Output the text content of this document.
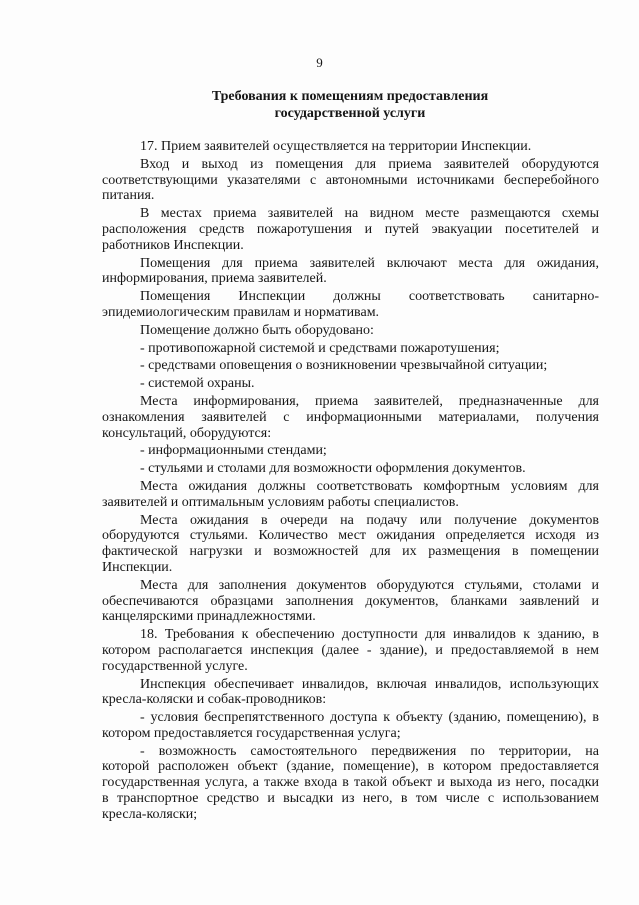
9
Требования к помещениям предоставления
государственной услуги
17. Прием заявителей осуществляется на территории Инспекции.
Вход и выход из помещения для приема заявителей оборудуются
соответствующими указателями с автономными источниками бесперебойного
питания.
В местах приема заявителей на видном месте размещаются схемы
расположения средств пожаротушения и путей эвакуации посетителей и
работников Инспекции.
Помещения для приема заявителей включают места для ожидания,
информирования, приема заявителей.
Помещения Инспекции должны соответствовать санитарно-
эпидемиологическим правилам и нормативам.
Помещение должно быть оборудовано:
- противопожарной системой и средствами пожаротушения;
- средствами оповещения о возникновении чрезвычайной ситуации;
- системой охраны.
Места информирования, приема заявителей, предназначенные для
ознакомления заявителей с информационными материалами, получения
консультаций, оборудуются:
- информационными стендами;
- стульями и столами для возможности оформления документов.
Места ожидания должны соответствовать комфортным условиям для
заявителей и оптимальным условиям работы специалистов.
Места ожидания в очереди на подачу или получение документов
оборудуются стульями. Количество мест ожидания определяется исходя из
фактической нагрузки и возможностей для их размещения в помещении
Инспекции.
Места для заполнения документов оборудуются стульями, столами и
обеспечиваются образцами заполнения документов, бланками заявлений и
канцелярскими принадлежностями.
18. Требования к обеспечению доступности для инвалидов к зданию, в
котором располагается инспекция (далее - здание), и предоставляемой в нем
государственной услуге.
Инспекция обеспечивает инвалидов, включая инвалидов, использующих
кресла-коляски и собак-проводников:
- условия беспрепятственного доступа к объекту (зданию, помещению), в
котором предоставляется государственная услуга;
- возможность самостоятельного передвижения по территории, на
которой расположен объект (здание, помещение), в котором предоставляется
государственная услуга, а также входа в такой объект и выхода из него, посадки
в транспортное средство и высадки из него, в том числе с использованием
кресла-коляски;
